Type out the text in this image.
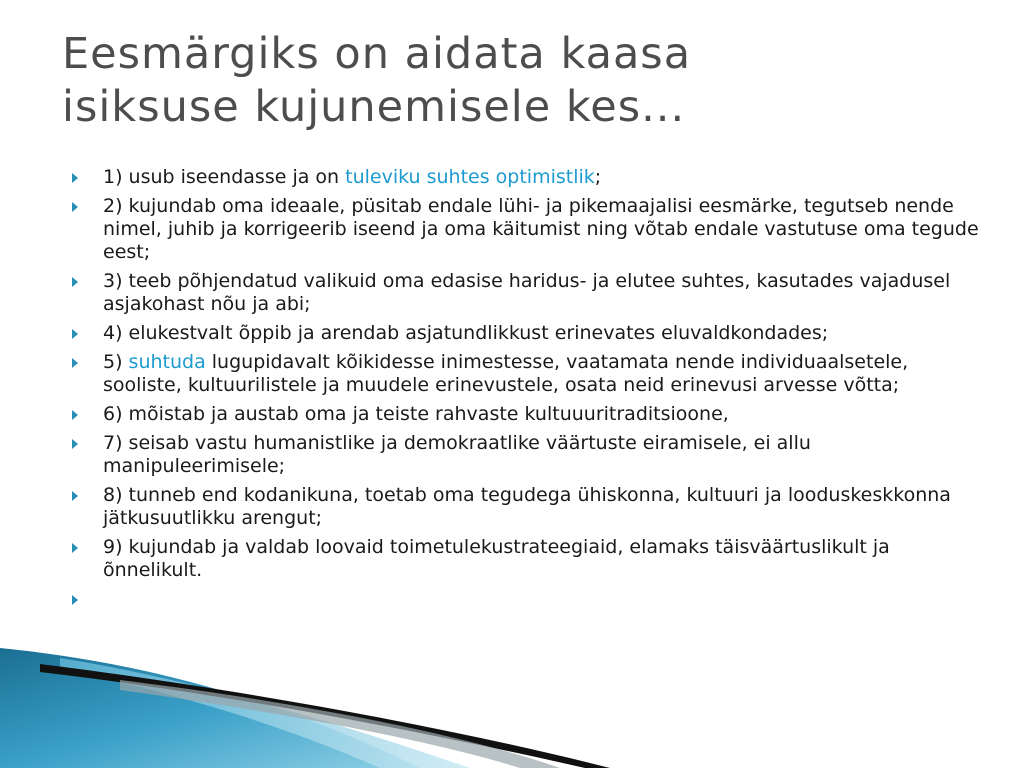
Eesmärgiks on aidata kaasa
isiksuse kujunemisele kes...
1) usub iseendasse ja on tuleviku suhtes optimistlik;
2) kujundab oma ideaale, püsitab endale lühi- ja pikemaajalisi eesmärke, tegutseb nende nimel, juhib ja korrigeerib iseend ja oma käitumist ning võtab endale vastutuse oma tegude eest;
3) teeb põhjendatud valikuid oma edasise haridus- ja elutee suhtes, kasutades vajadusel asjakohast nõu ja abi;
4) elukestvalt õppib ja arendab asjatundlikkust erinevates eluvaldkondades;
5) suhtuda lugupidavalt kõikidesse inimestesse, vaatamata nende individuaalsetele, sooliste, kultuurilistele ja muudele erinevustele, osata neid erinevusi arvesse võtta;
6) mõistab ja austab oma ja teiste rahvaste kultuuuritraditsioone,
7) seisab vastu humanistlike ja demokraatlike väärtuste eiramisele, ei allu manipuleerimisele;
8) tunneb end kodanikuna, toetab oma tegudega ühiskonna, kultuuri ja looduskeskkonna jätkusuutlikku arengut;
9) kujundab ja valdab loovaid toimetulekustrateegiaid, elamaks täisväärtuslikult ja õnnelikult.
